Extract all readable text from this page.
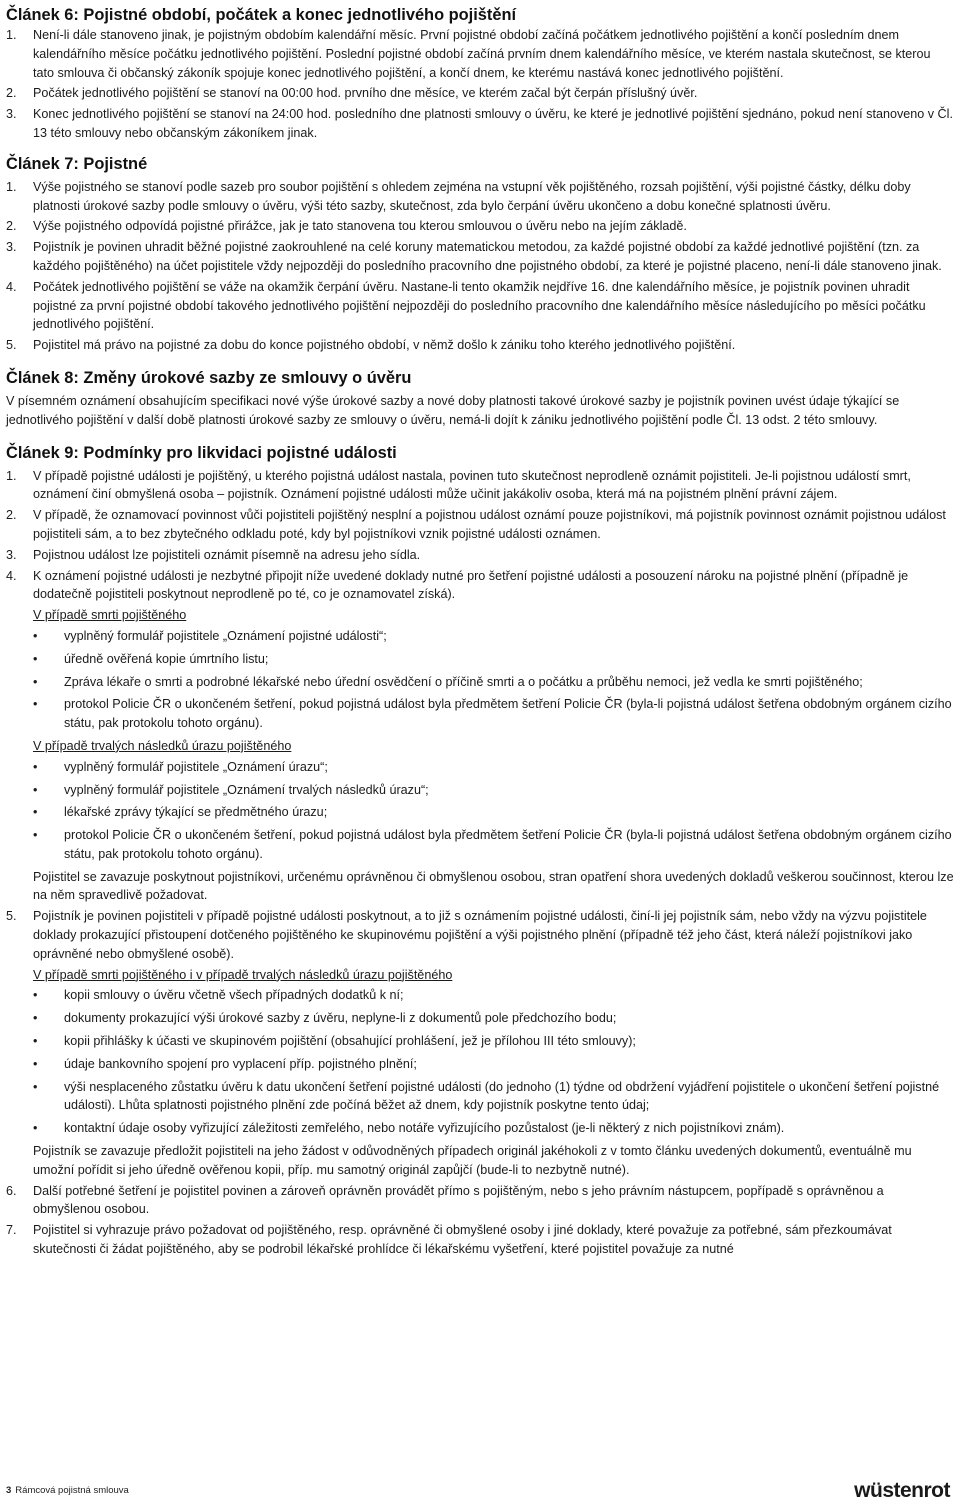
Článek 6: Pojistné období, počátek a konec jednotlivého pojištění
1. Není-li dále stanoveno jinak, je pojistným obdobím kalendářní měsíc. První pojistné období začíná počátkem jednotlivého pojištění a končí posledním dnem kalendářního měsíce počátku jednotlivého pojištění. Poslední pojistné období začíná prvním dnem kalendářního měsíce, ve kterém nastala skutečnost, se kterou tato smlouva či občanský zákoník spojuje konec jednotlivého pojištění, a končí dnem, ke kterému nastává konec jednotlivého pojištění.
2. Počátek jednotlivého pojištění se stanoví na 00:00 hod. prvního dne měsíce, ve kterém začal být čerpán příslušný úvěr.
3. Konec jednotlivého pojištění se stanoví na 24:00 hod. posledního dne platnosti smlouvy o úvěru, ke které je jednotlivé pojištění sjednáno, pokud není stanoveno v Čl. 13 této smlouvy nebo občanským zákoníkem jinak.
Článek 7: Pojistné
1. Výše pojistného se stanoví podle sazeb pro soubor pojištění s ohledem zejména na vstupní věk pojištěného, rozsah pojištění, výši pojistné částky, délku doby platnosti úrokové sazby podle smlouvy o úvěru, výši této sazby, skutečnost, zda bylo čerpání úvěru ukončeno a dobu konečné splatnosti úvěru.
2. Výše pojistného odpovídá pojistné přirážce, jak je tato stanovena tou kterou smlouvou o úvěru nebo na jejím základě.
3. Pojistník je povinen uhradit běžné pojistné zaokrouhlené na celé koruny matematickou metodou, za každé pojistné období za každé jednotlivé pojištění (tzn. za každého pojištěného) na účet pojistitele vždy nejpozději do posledního pracovního dne pojistného období, za které je pojistné placeno, není-li dále stanoveno jinak.
4. Počátek jednotlivého pojištění se váže na okamžik čerpání úvěru. Nastane-li tento okamžik nejdříve 16. dne kalendářního měsíce, je pojistník povinen uhradit pojistné za první pojistné období takového jednotlivého pojištění nejpozději do posledního pracovního dne kalendářního měsíce následujícího po měsíci počátku jednotlivého pojištění.
5. Pojistitel má právo na pojistné za dobu do konce pojistného období, v němž došlo k zániku toho kterého jednotlivého pojištění.
Článek 8: Změny úrokové sazby ze smlouvy o úvěru

V písemném oznámení obsahujícím specifikaci nové výše úrokové sazby a nové doby platnosti takové úrokové sazby je pojistník povinen uvést údaje týkající se jednotlivého pojištění v další době platnosti úrokové sazby ze smlouvy o úvěru, nemá-li dojít k zániku jednotlivého pojištění podle Čl. 13 odst. 2 této smlouvy.

Článek 9: Podmínky pro likvidaci pojistné události
1. V případě pojistné události je pojištěný, u kterého pojistná událost nastala, povinen tuto skutečnost neprodleně oznámit pojistiteli. Je-li pojistnou událostí smrt, oznámení činí obmyšlená osoba – pojistník. Oznámení pojistné události může učinit jakákoliv osoba, která má na pojistném plnění právní zájem.
2. V případě, že oznamovací povinnost vůči pojistiteli pojištěný nesplní a pojistnou událost oznámí pouze pojistníkovi, má pojistník povinnost oznámit pojistnou událost pojistiteli sám, a to bez zbytečného odkladu poté, kdy byl pojistníkovi vznik pojistné události oznámen.
3. Pojistnou událost lze pojistiteli oznámit písemně na adresu jeho sídla.
4. K oznámení pojistné události je nezbytné připojit níže uvedené doklady nutné pro šetření pojistné události a posouzení nároku na pojistné plnění (případně je dodatečně pojistiteli poskytnout neprodleně po té, co je oznamovatel získá).

V případě smrti pojištěného

• vyplněný formulář pojistitele „Oznámení pojistné události“;
• úředně ověřená kopie úmrtního listu;
• Zpráva lékaře o smrti a podrobné lékařské nebo úřední osvědčení o příčině smrti a o počátku a průběhu nemoci, jež vedla ke smrti pojištěného;
• protokol Policie ČR o ukončeném šetření, pokud pojistná událost byla předmětem šetření Policie ČR (byla-li pojistná událost šetřena obdobným orgánem cizího státu, pak protokolu tohoto orgánu).

V případě trvalých následků úrazu pojištěného

• vyplněný formulář pojistitele „Oznámení úrazu“;
• vyplněný formulář pojistitele „Oznámení trvalých následků úrazu“;
• lékařské zprávy týkající se předmětného úrazu;
• protokol Policie ČR o ukončeném šetření, pokud pojistná událost byla předmětem šetření Policie ČR (byla-li pojistná událost šetřena obdobným orgánem cizího státu, pak protokolu tohoto orgánu).

Pojistitel se zavazuje poskytnout pojistníkovi, určenému oprávněnou či obmyšlenou osobou, stran opatření shora uvedených dokladů veškerou součinnost, kterou lze na něm spravedlivě požadovat.

5. Pojistník je povinen pojistiteli v případě pojistné události poskytnout, a to již s oznámením pojistné události, činí-li jej pojistník sám, nebo vždy na výzvu pojistitele doklady prokazující přistoupení dotčeného pojištěného ke skupinovému pojištění a výši pojistného plnění (případně též jeho část, která náleží pojistníkovi jako oprávněné nebo obmyšlené osobě).

V případě smrti pojištěného i v případě trvalých následků úrazu pojištěného

• kopii smlouvy o úvěru včetně všech případných dodatků k ní;
• dokumenty prokazující výši úrokové sazby z úvěru, neplyne-li z dokumentů pole předchozího bodu;
• kopii přihlášky k účasti ve skupinovém pojištění (obsahující prohlášení, jež je přílohou III této smlouvy);
• údaje bankovního spojení pro vyplacení příp. pojistného plnění;
• výši nesplaceného zůstatku úvěru k datu ukončení šetření pojistné události (do jednoho (1) týdne od obdržení vyjádření pojistitele o ukončení šetření pojistné události). Lhůta splatnosti pojistného plnění zde počíná běžet až dnem, kdy pojistník poskytne tento údaj;
• kontaktní údaje osoby vyřizující záležitosti zemřelého, nebo notáře vyřizujícího pozůstalost (je-li některý z nich pojistníkovi znám).

Pojistník se zavazuje předložit pojistiteli na jeho žádost v odůvodněných případech originál jakéhokoli z v tomto článku uvedených dokumentů, eventuálně mu umožní pořídit si jeho úředně ověřenou kopii, příp. mu samotný originál zapůjčí (bude-li to nezbytně nutné).

6. Další potřebné šetření je pojistitel povinen a zároveň oprávněn provádět přímo s pojištěným, nebo s jeho právním nástupcem, popřípadě s oprávněnou a obmyšlenou osobou.
7. Pojistitel si vyhrazuje právo požadovat od pojištěného, resp. oprávněné či obmyšlené osoby i jiné doklady, které považuje za potřebné, sám přezkoumávat skutečnosti či žádat pojištěného, aby se podrobil lékařské prohlídce či lékařskému vyšetření, které pojistitel považuje za nutné
3 Rámcová pojistná smlouva	wüstenrot
